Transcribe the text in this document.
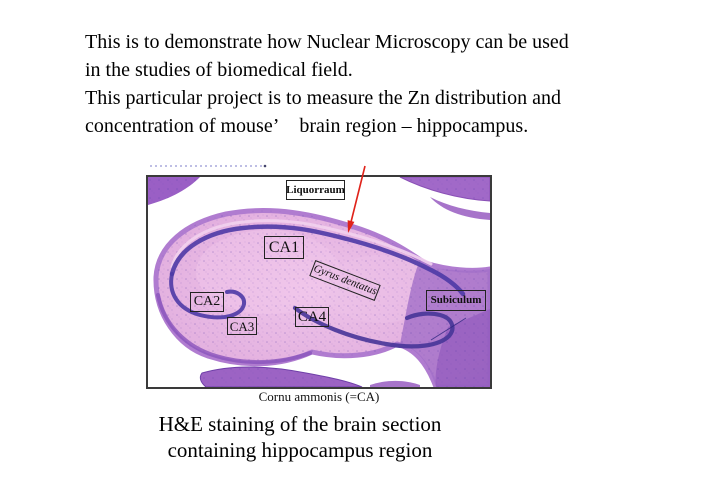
This is to demonstrate how Nuclear Microscopy can be used
in the studies of biomedical field.
This particular project is to measure the Zn distribution and
concentration of mouse’ brain region – hippocampus.
Liquorraum
CA1
CA2
CA3
CA4
Gyrus dentatus
Subiculum
Cornu ammonis (=CA)
H&E staining of the brain section
containing hippocampus region
